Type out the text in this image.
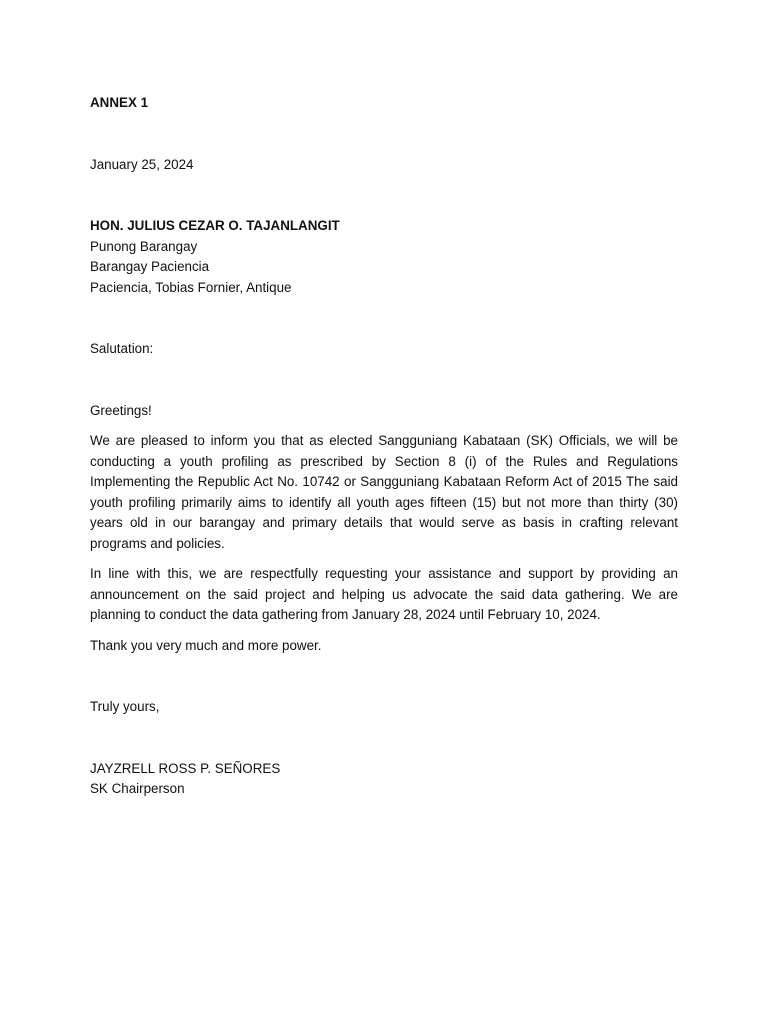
ANNEX 1
January 25, 2024
HON. JULIUS CEZAR O. TAJANLANGIT
Punong Barangay
Barangay Paciencia
Paciencia, Tobias Fornier, Antique
Salutation:
Greetings!

We are pleased to inform you that as elected Sangguniang Kabataan (SK) Officials, we will be conducting a youth profiling as prescribed by Section 8 (i) of the Rules and Regulations Implementing the Republic Act No. 10742 or Sangguniang Kabataan Reform Act of 2015 The said youth profiling primarily aims to identify all youth ages fifteen (15) but not more than thirty (30) years old in our barangay and primary details that would serve as basis in crafting relevant programs and policies.

In line with this, we are respectfully requesting your assistance and support by providing an announcement on the said project and helping us advocate the said data gathering. We are planning to conduct the data gathering from January 28, 2024 until February 10, 2024.

Thank you very much and more power.
Truly yours,
JAYZRELL ROSS P. SEÑORES
SK Chairperson
